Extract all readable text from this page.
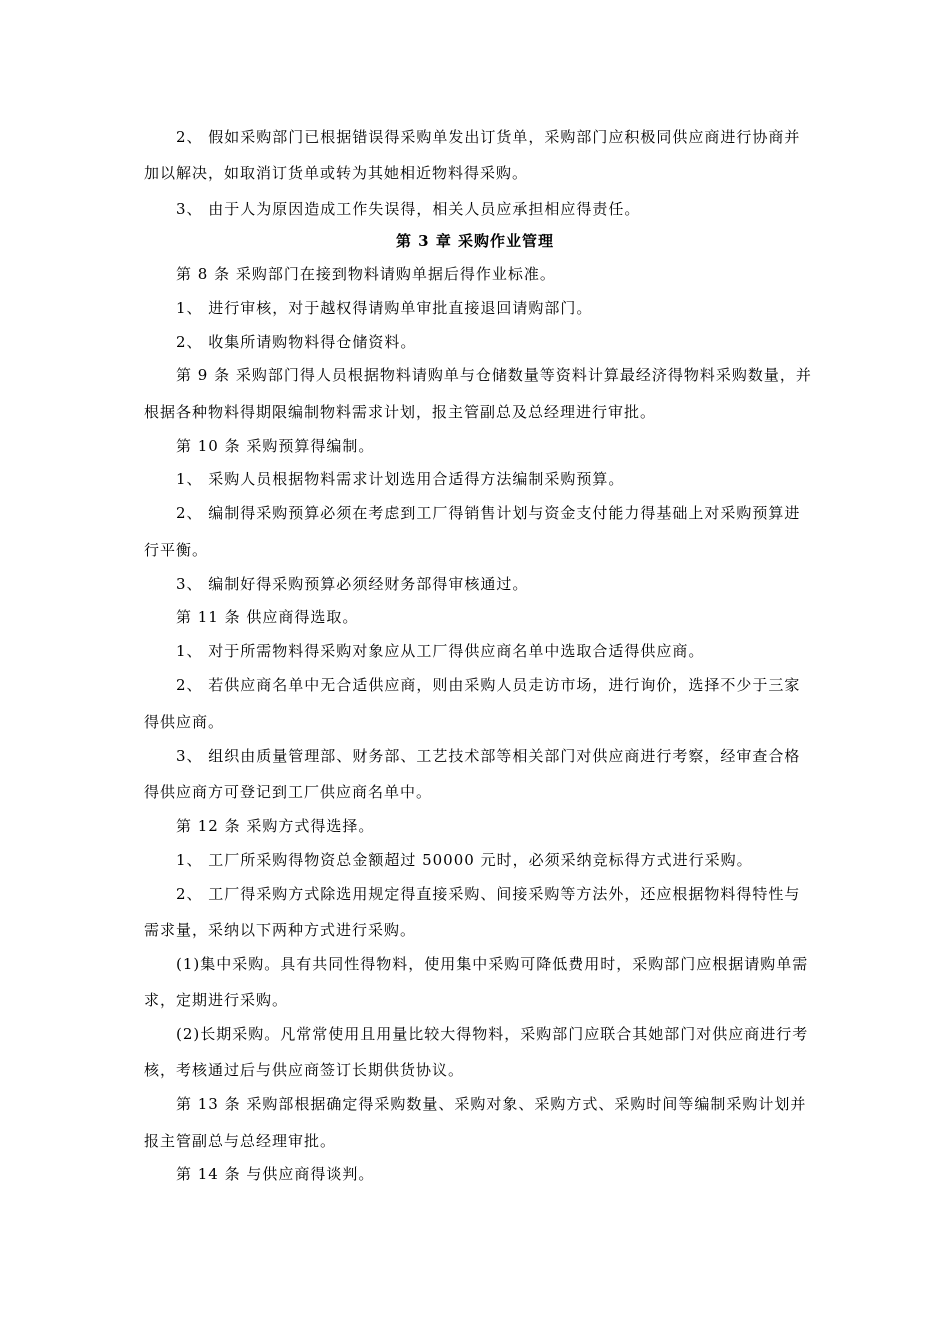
2、 假如采购部门已根据错误得采购单发出订货单，采购部门应积极同供应商进行协商并
加以解决，如取消订货单或转为其她相近物料得采购。
3、 由于人为原因造成工作失误得，相关人员应承担相应得责任。
第 3 章 采购作业管理
第 8 条 采购部门在接到物料请购单据后得作业标准。
1、 进行审核，对于越权得请购单审批直接退回请购部门。
2、 收集所请购物料得仓储资料。
第 9 条 采购部门得人员根据物料请购单与仓储数量等资料计算最经济得物料采购数量，并
根据各种物料得期限编制物料需求计划，报主管副总及总经理进行审批。
第 10 条 采购预算得编制。
1、 采购人员根据物料需求计划选用合适得方法编制采购预算。
2、 编制得采购预算必须在考虑到工厂得销售计划与资金支付能力得基础上对采购预算进
行平衡。
3、 编制好得采购预算必须经财务部得审核通过。
第 11 条 供应商得选取。
1、 对于所需物料得采购对象应从工厂得供应商名单中选取合适得供应商。
2、 若供应商名单中无合适供应商，则由采购人员走访市场，进行询价，选择不少于三家
得供应商。
3、 组织由质量管理部、财务部、工艺技术部等相关部门对供应商进行考察，经审查合格
得供应商方可登记到工厂供应商名单中。
第 12 条 采购方式得选择。
1、 工厂所采购得物资总金额超过 50000 元时，必须采纳竞标得方式进行采购。
2、 工厂得采购方式除选用规定得直接采购、间接采购等方法外，还应根据物料得特性与
需求量，采纳以下两种方式进行采购。
(1)集中采购。具有共同性得物料，使用集中采购可降低费用时，采购部门应根据请购单需
求，定期进行采购。
(2)长期采购。凡常常使用且用量比较大得物料，采购部门应联合其她部门对供应商进行考
核，考核通过后与供应商签订长期供货协议。
第 13 条 采购部根据确定得采购数量、采购对象、采购方式、采购时间等编制采购计划并
报主管副总与总经理审批。
第 14 条 与供应商得谈判。
